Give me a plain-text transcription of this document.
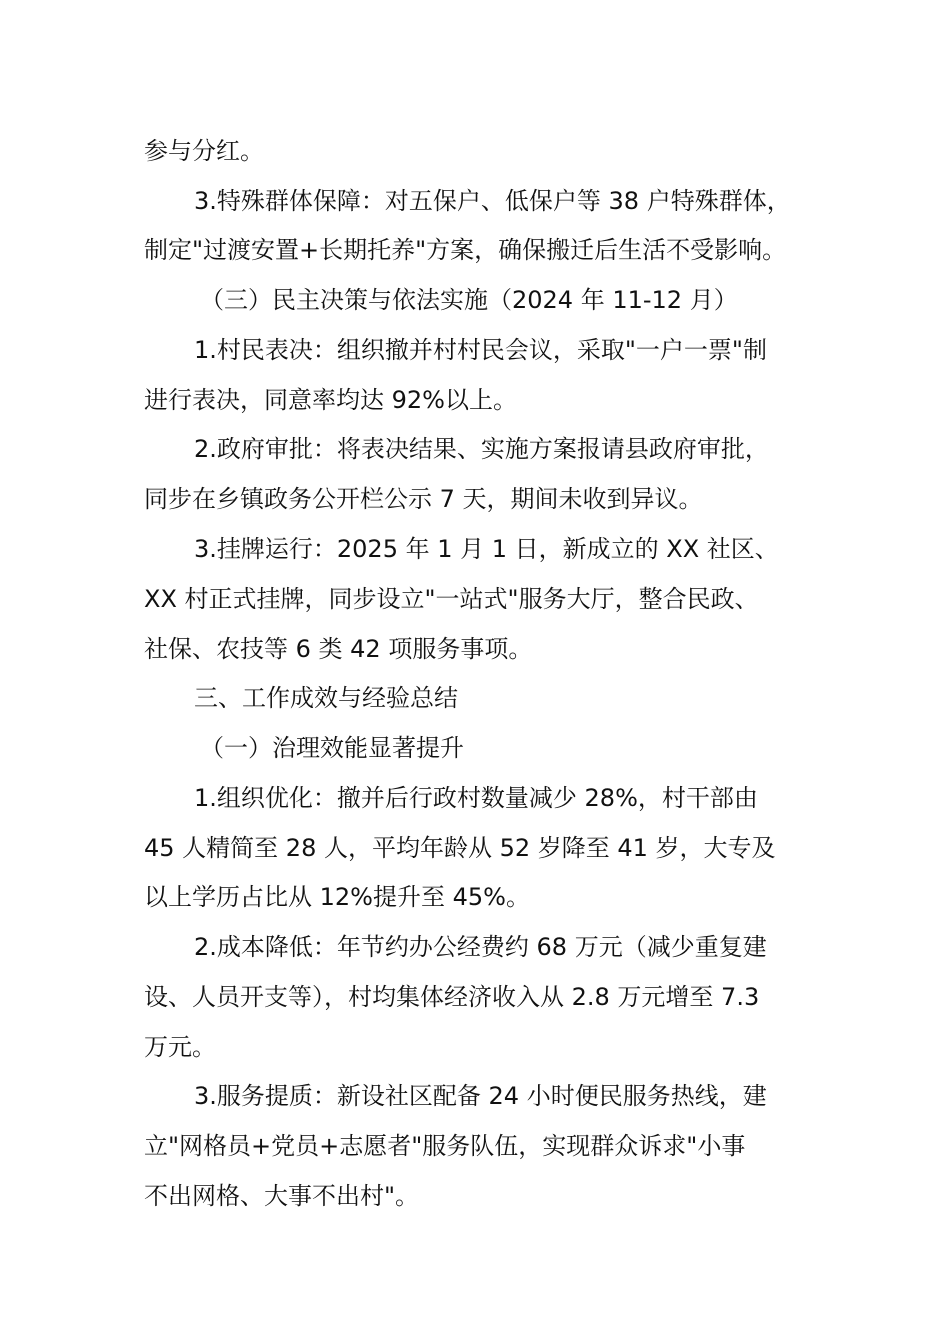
参与分红。
3.特殊群体保障：对五保户、低保户等 38 户特殊群体，
制定"过渡安置+长期托养"方案，确保搬迁后生活不受影响。
（三）民主决策与依法实施（2024 年 11-12 月）
1.村民表决：组织撤并村村民会议，采取"一户一票"制
进行表决，同意率均达 92%以上。
2.政府审批：将表决结果、实施方案报请县政府审批，
同步在乡镇政务公开栏公示 7 天，期间未收到异议。
3.挂牌运行：2025 年 1 月 1 日，新成立的 XX 社区、
XX 村正式挂牌，同步设立"一站式"服务大厅，整合民政、
社保、农技等 6 类 42 项服务事项。
三、工作成效与经验总结
（一）治理效能显著提升
1.组织优化：撤并后行政村数量减少 28%，村干部由
45 人精简至 28 人，平均年龄从 52 岁降至 41 岁，大专及
以上学历占比从 12%提升至 45%。
2.成本降低：年节约办公经费约 68 万元（减少重复建
设、人员开支等），村均集体经济收入从 2.8 万元增至 7.3
万元。
3.服务提质：新设社区配备 24 小时便民服务热线，建
立"网格员+党员+志愿者"服务队伍，实现群众诉求"小事
不出网格、大事不出村"。
